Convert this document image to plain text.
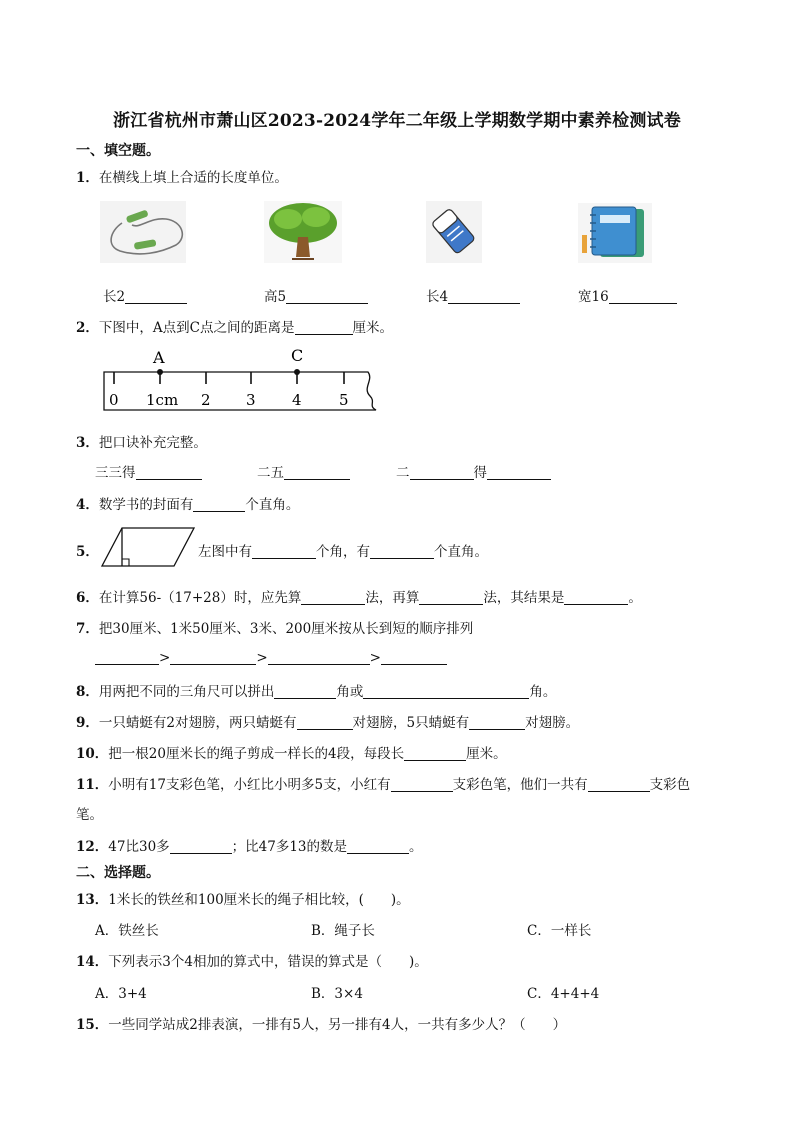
浙江省杭州市萧山区2023-2024学年二年级上学期数学期中素养检测试卷
一、填空题。
1．在横线上填上合适的长度单位。
长2	高5	长4	宽16
2．下图中，A点到C点之间的距离是	厘米。
A	C
0 1cm 2 3 4 5
3．把口诀补充完整。
三三得	二五	二	得
4．数学书的封面有	个直角。
5．	左图中有	个角，有	个直角。
6．在计算56-（17+28）时，应先算	法，再算	法，其结果是	。
7．把30厘米、1米50厘米、3米、200厘米按从长到短的顺序排列
>	>	>
8．用两把不同的三角尺可以拼出	角或	角。
9．一只蜻蜓有2对翅膀，两只蜻蜓有	对翅膀，5只蜻蜓有	对翅膀。
10．把一根20厘米长的绳子剪成一样长的4段，每段长	厘米。
11．小明有17支彩色笔，小红比小明多5支，小红有	支彩色笔，他们一共有	支彩色
笔。
12．47比30多	；比47多13的数是	。
二、选择题。
13．1米长的铁丝和100厘米长的绳子相比较，(　　)。
A．铁丝长	B．绳子长	C．一样长
14．下列表示3个4相加的算式中，错误的算式是（　　)。
A．3+4	B．3×4	C．4+4+4
15．一些同学站成2排表演，一排有5人，另一排有4人，一共有多少人？（　　）
